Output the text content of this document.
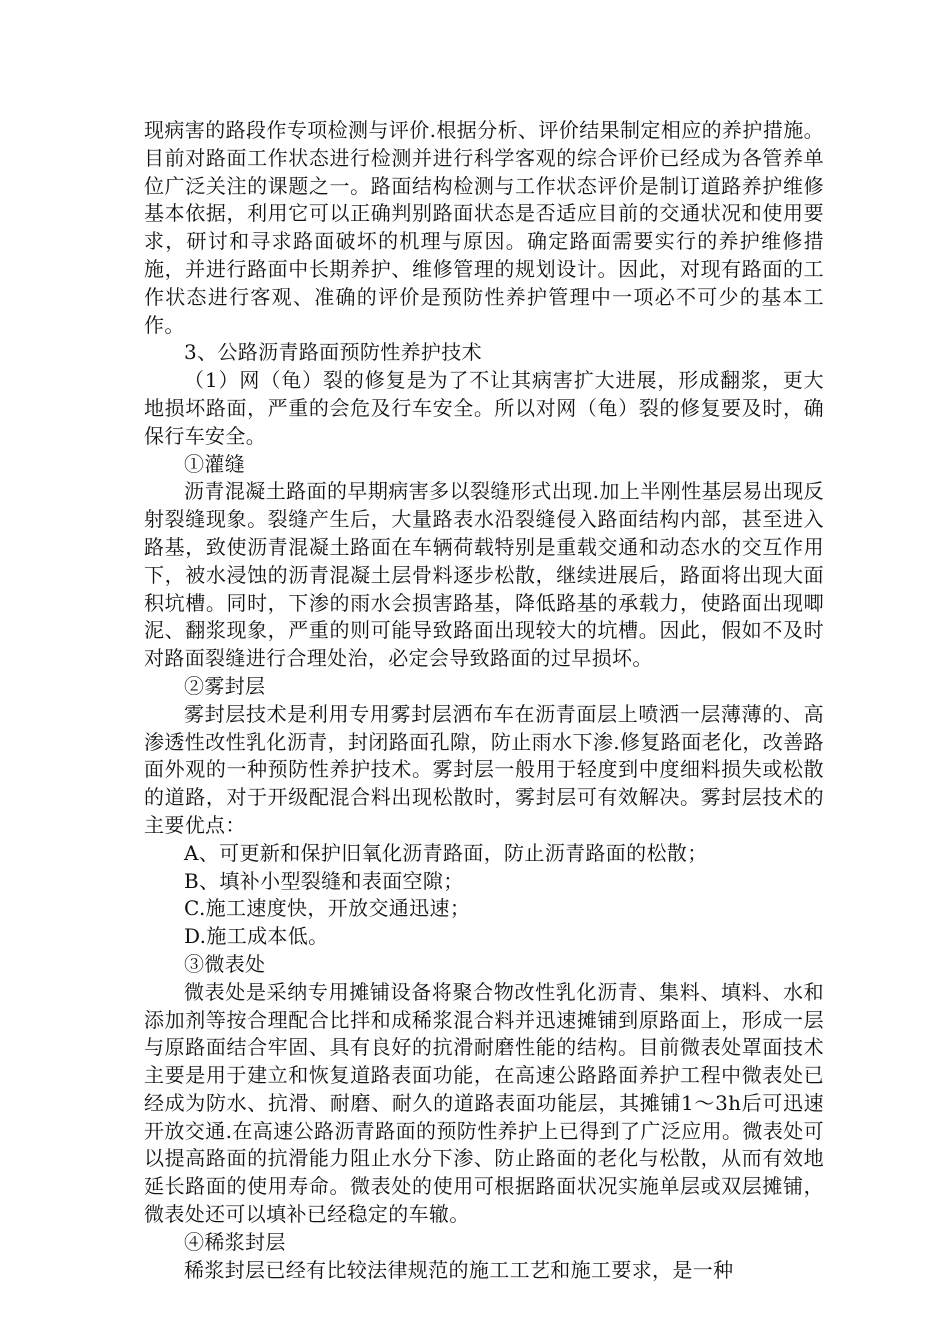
现病害的路段作专项检测与评价.根据分析、评价结果制定相应的养护措施。目前对路面工作状态进行检测并进行科学客观的综合评价已经成为各管养单位广泛关注的课题之一。路面结构检测与工作状态评价是制订道路养护维修基本依据，利用它可以正确判别路面状态是否适应目前的交通状况和使用要求，研讨和寻求路面破坏的机理与原因。确定路面需要实行的养护维修措施，并进行路面中长期养护、维修管理的规划设计。因此，对现有路面的工作状态进行客观、准确的评价是预防性养护管理中一项必不可少的基本工作。

3、公路沥青路面预防性养护技术

（1）网（龟）裂的修复是为了不让其病害扩大进展，形成翻浆，更大地损坏路面，严重的会危及行车安全。所以对网（龟）裂的修复要及时，确保行车安全。

①灌缝

沥青混凝土路面的早期病害多以裂缝形式出现.加上半刚性基层易出现反射裂缝现象。裂缝产生后，大量路表水沿裂缝侵入路面结构内部，甚至进入路基，致使沥青混凝土路面在车辆荷载特别是重载交通和动态水的交互作用下，被水浸蚀的沥青混凝土层骨料逐步松散，继续进展后，路面将出现大面积坑槽。同时，下渗的雨水会损害路基，降低路基的承载力，使路面出现唧泥、翻浆现象，严重的则可能导致路面出现较大的坑槽。因此，假如不及时对路面裂缝进行合理处治，必定会导致路面的过早损坏。

②雾封层

雾封层技术是利用专用雾封层洒布车在沥青面层上喷洒一层薄薄的、高渗透性改性乳化沥青，封闭路面孔隙，防止雨水下渗.修复路面老化，改善路面外观的一种预防性养护技术。雾封层一般用于轻度到中度细料损失或松散的道路，对于开级配混合料出现松散时，雾封层可有效解决。雾封层技术的主要优点：

A、可更新和保护旧氧化沥青路面，防止沥青路面的松散；

B、填补小型裂缝和表面空隙；

C.施工速度快，开放交通迅速；

D.施工成本低。

③微表处

微表处是采纳专用摊铺设备将聚合物改性乳化沥青、集料、填料、水和添加剂等按合理配合比拌和成稀浆混合料并迅速摊铺到原路面上，形成一层与原路面结合牢固、具有良好的抗滑耐磨性能的结构。目前微表处罩面技术主要是用于建立和恢复道路表面功能，在高速公路路面养护工程中微表处已经成为防水、抗滑、耐磨、耐久的道路表面功能层，其摊铺1～3h后可迅速开放交通.在高速公路沥青路面的预防性养护上已得到了广泛应用。微表处可以提高路面的抗滑能力阻止水分下渗、防止路面的老化与松散，从而有效地延长路面的使用寿命。微表处的使用可根据路面状况实施单层或双层摊铺，微表处还可以填补已经稳定的车辙。

④稀浆封层

稀浆封层已经有比较法律规范的施工工艺和施工要求，是一种
